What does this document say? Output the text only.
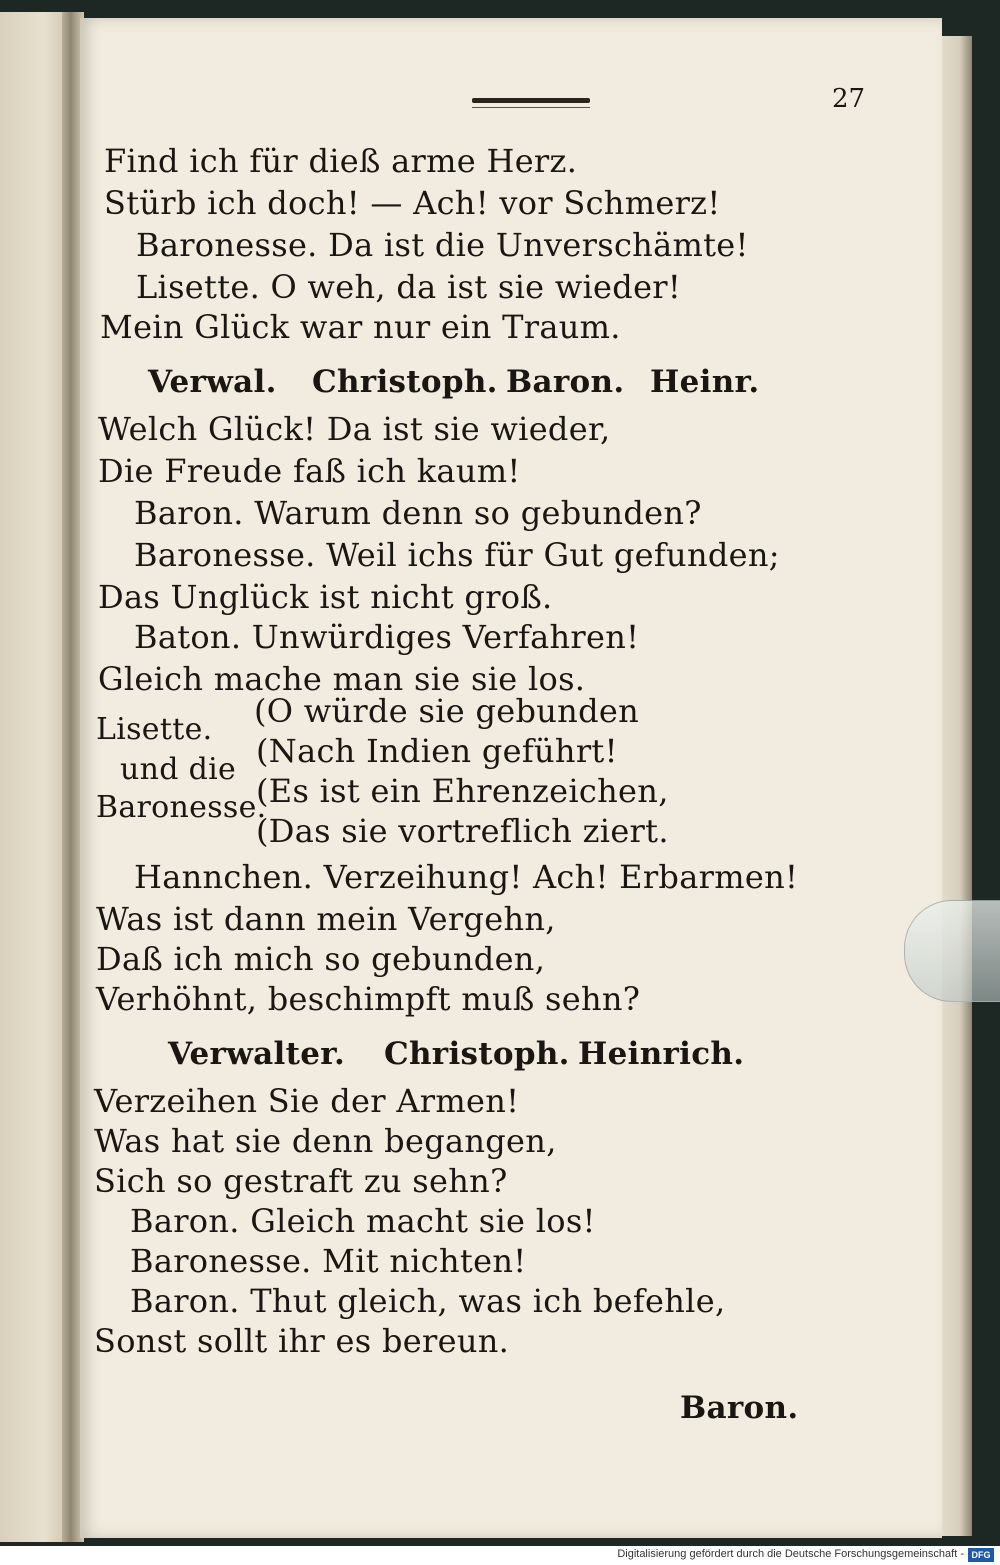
27
Find ich für dieß arme Herz.
Stürb ich doch! — Ach! vor Schmerz!
Baronesse. Da ist die Unverschämte!
Lisette. O weh, da ist sie wieder!
Mein Glück war nur ein Traum.
Verwal. Christoph. Baron. Heinr.
Welch Glück! Da ist sie wieder,
Die Freude faß ich kaum!
Baron. Warum denn so gebunden?
Baronesse. Weil ichs für Gut gefunden;
Das Unglück ist nicht groß.
Baton. Unwürdiges Verfahren!
Gleich mache man sie sie los.
Lisette.
und die
Baronesse.
(O würde sie gebunden
(Nach Indien geführt!
(Es ist ein Ehrenzeichen,
(Das sie vortreflich ziert.
Hannchen. Verzeihung! Ach! Erbarmen!
Was ist dann mein Vergehn,
Daß ich mich so gebunden,
Verhöhnt, beschimpft muß sehn?
Verwalter. Christoph. Heinrich.
Verzeihen Sie der Armen!
Was hat sie denn begangen,
Sich so gestraft zu sehn?
Baron. Gleich macht sie los!
Baronesse. Mit nichten!
Baron. Thut gleich, was ich befehle,
Sonst sollt ihr es bereun.
Baron.
Digitalisierung gefördert durch die Deutsche Forschungsgemeinschaft - DFG
